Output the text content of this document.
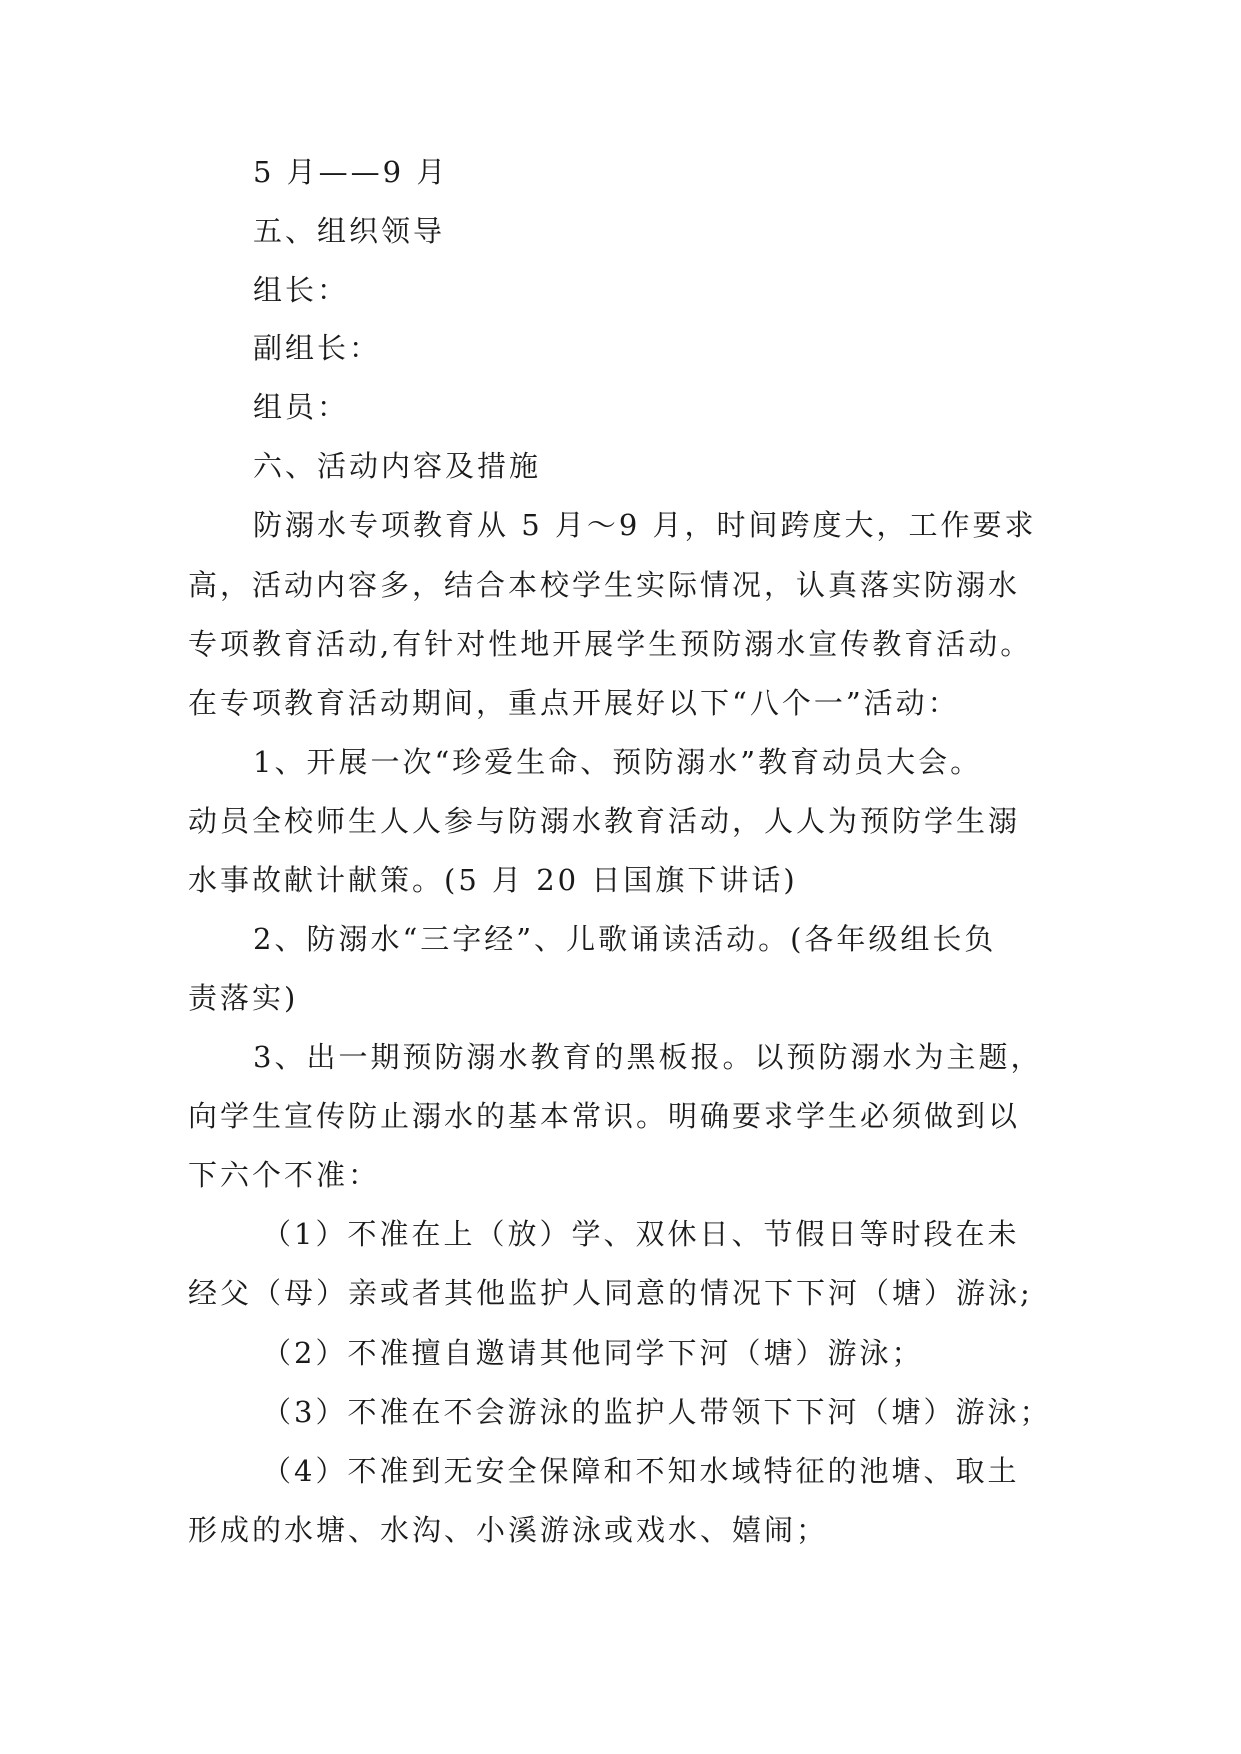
5 月——9 月
五、组织领导
组长：
副组长：
组员：
六、活动内容及措施
防溺水专项教育从 5 月～9 月，时间跨度大，工作要求
高，活动内容多，结合本校学生实际情况，认真落实防溺水
专项教育活动,有针对性地开展学生预防溺水宣传教育活动。
在专项教育活动期间，重点开展好以下“八个一”活动：
1、开展一次“珍爱生命、预防溺水”教育动员大会。
动员全校师生人人参与防溺水教育活动，人人为预防学生溺
水事故献计献策。(5 月 20 日国旗下讲话)
2、防溺水“三字经”、儿歌诵读活动。(各年级组长负
责落实)
3、出一期预防溺水教育的黑板报。以预防溺水为主题，
向学生宣传防止溺水的基本常识。明确要求学生必须做到以
下六个不准：
（1）不准在上（放）学、双休日、节假日等时段在未
经父（母）亲或者其他监护人同意的情况下下河（塘）游泳;
（2）不准擅自邀请其他同学下河（塘）游泳；
（3）不准在不会游泳的监护人带领下下河（塘）游泳；
（4）不准到无安全保障和不知水域特征的池塘、取土
形成的水塘、水沟、小溪游泳或戏水、嬉闹；
